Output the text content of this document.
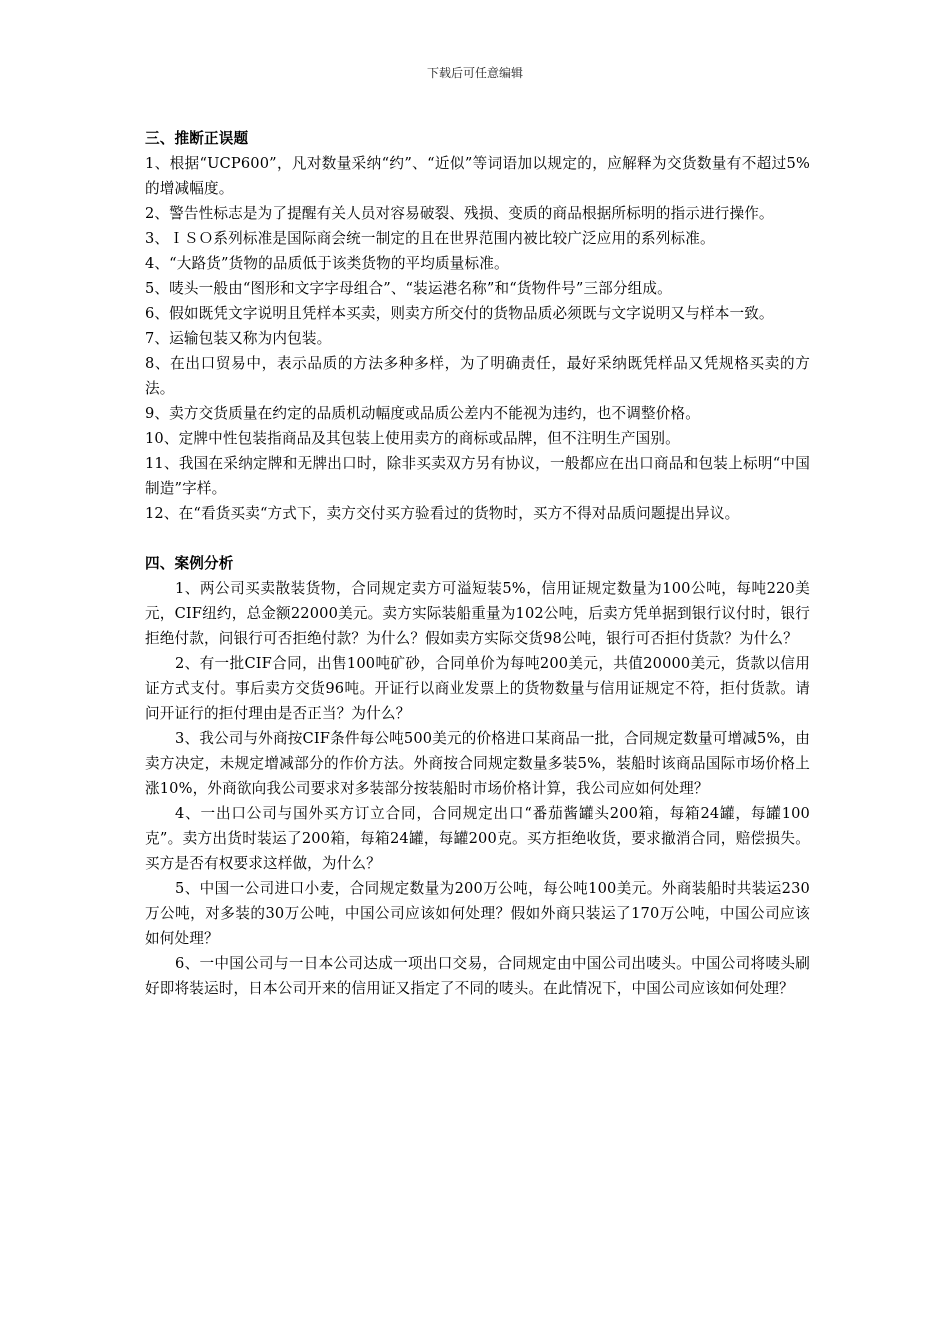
下载后可任意编辑

三、推断正误题

1、根据“UCP600”，凡对数量采纳“约”、“近似”等词语加以规定的，应解释为交货数量有不超过5%的增减幅度。

2、警告性标志是为了提醒有关人员对容易破裂、残损、变质的商品根据所标明的指示进行操作。

3、ＩＳＯ系列标准是国际商会统一制定的且在世界范围内被比较广泛应用的系列标准。

4、“大路货”货物的品质低于该类货物的平均质量标准。

5、唛头一般由“图形和文字字母组合”、“装运港名称”和“货物件号”三部分组成。

6、假如既凭文字说明且凭样本买卖，则卖方所交付的货物品质必须既与文字说明又与样本一致。

7、运输包装又称为内包装。

8、在出口贸易中，表示品质的方法多种多样，为了明确责任，最好采纳既凭样品又凭规格买卖的方法。

9、卖方交货质量在约定的品质机动幅度或品质公差内不能视为违约，也不调整价格。

10、定牌中性包装指商品及其包装上使用卖方的商标或品牌，但不注明生产国别。

11、我国在采纳定牌和无牌出口时，除非买卖双方另有协议，一般都应在出口商品和包装上标明“中国制造”字样。

12、在“看货买卖“方式下，卖方交付买方验看过的货物时，买方不得对品质问题提出异议。

四、案例分析

1、两公司买卖散装货物，合同规定卖方可溢短装5%，信用证规定数量为100公吨，每吨220美元，CIF纽约，总金额22000美元。卖方实际装船重量为102公吨，后卖方凭单据到银行议付时，银行拒绝付款，问银行可否拒绝付款？为什么？假如卖方实际交货98公吨，银行可否拒付货款？为什么？

2、有一批CIF合同，出售100吨矿砂，合同单价为每吨200美元，共值20000美元，货款以信用证方式支付。事后卖方交货96吨。开证行以商业发票上的货物数量与信用证规定不符，拒付货款。请问开证行的拒付理由是否正当？为什么？

3、我公司与外商按CIF条件每公吨500美元的价格进口某商品一批，合同规定数量可增减5%，由卖方决定，未规定增减部分的作价方法。外商按合同规定数量多装5%，装船时该商品国际市场价格上涨10%，外商欲向我公司要求对多装部分按装船时市场价格计算，我公司应如何处理？

4、一出口公司与国外买方订立合同，合同规定出口“番茄酱罐头200箱，每箱24罐，每罐100克”。卖方出货时装运了200箱，每箱24罐，每罐200克。买方拒绝收货，要求撤消合同，赔偿损失。买方是否有权要求这样做，为什么？

5、中国一公司进口小麦，合同规定数量为200万公吨，每公吨100美元。外商装船时共装运230万公吨，对多装的30万公吨，中国公司应该如何处理？假如外商只装运了170万公吨，中国公司应该如何处理？

6、一中国公司与一日本公司达成一项出口交易，合同规定由中国公司出唛头。中国公司将唛头刷好即将装运时，日本公司开来的信用证又指定了不同的唛头。在此情况下，中国公司应该如何处理？
